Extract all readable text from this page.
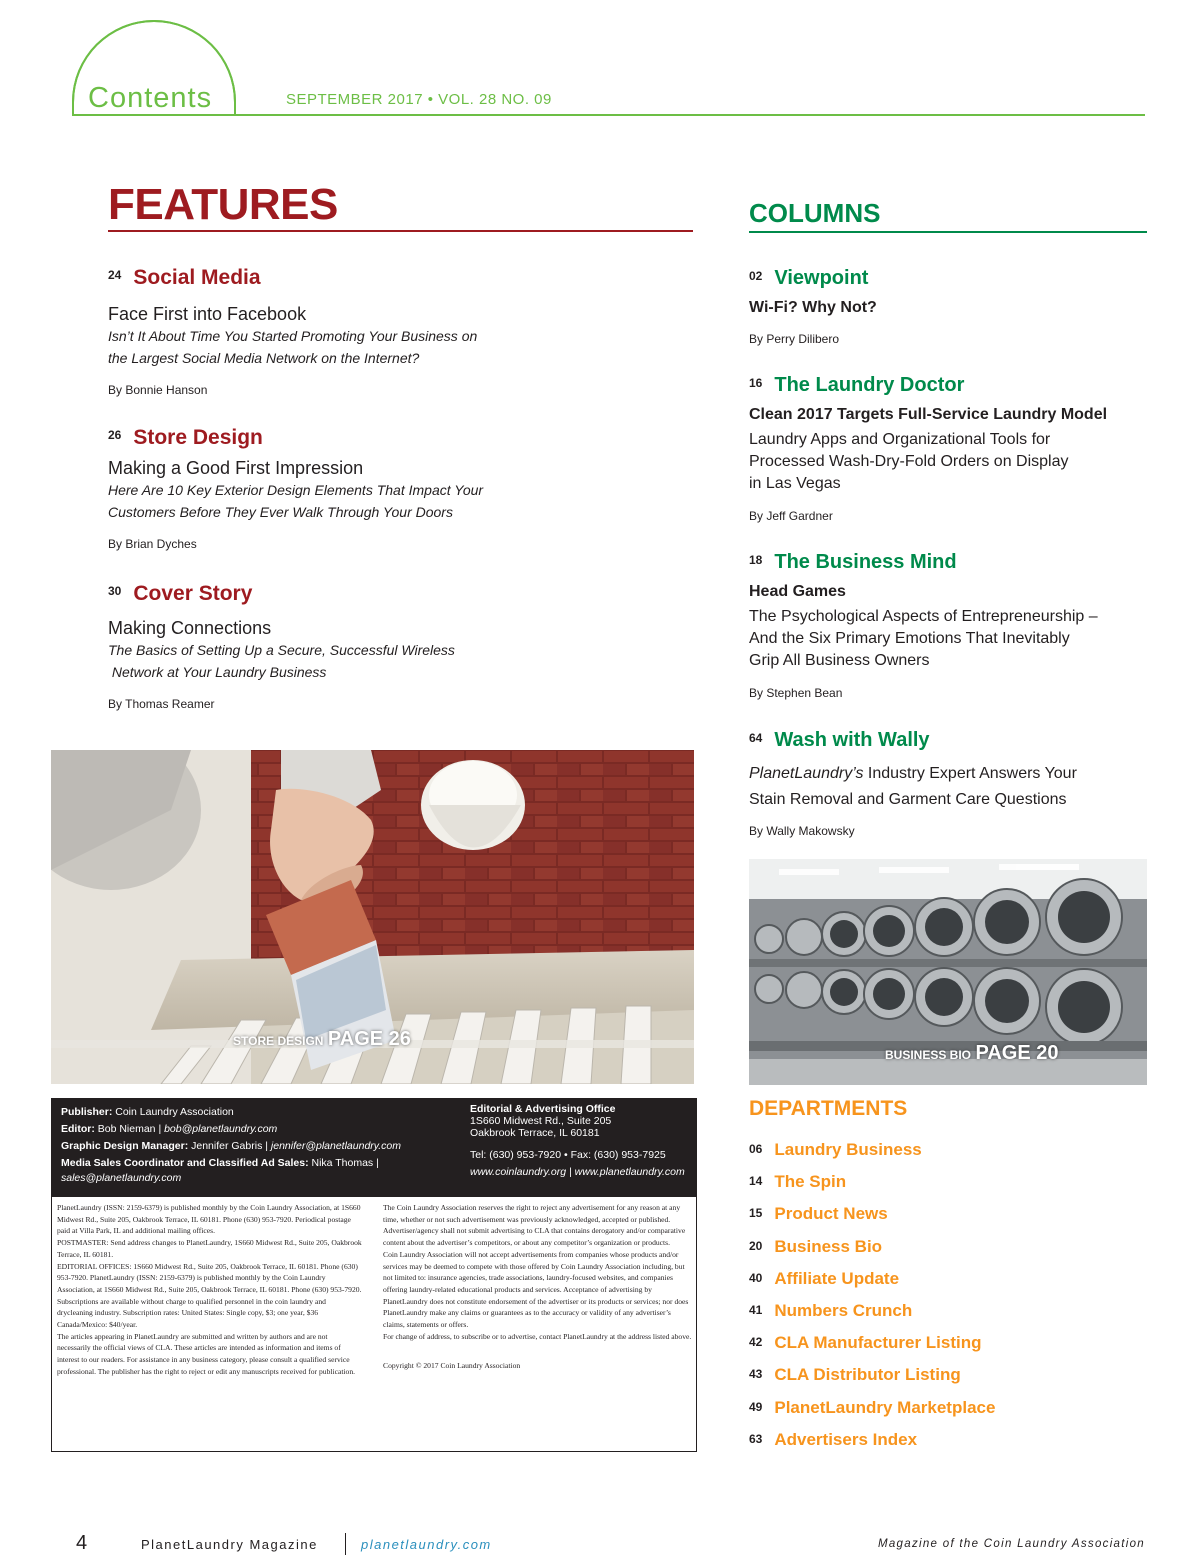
Contents	SEPTEMBER 2017 • VOL. 28 NO. 09
FEATURES
$^{24}$ Social Media
Face First into Facebook
Isn’t It About Time You Started Promoting Your Business on
the Largest Social Media Network on the Internet?
By Bonnie Hanson
$^{26}$ Store Design
Making a Good First Impression
Here Are 10 Key Exterior Design Elements That Impact Your
Customers Before They Ever Walk Through Your Doors
By Brian Dyches
$^{30}$ Cover Story
Making Connections
The Basics of Setting Up a Secure, Successful Wireless
Network at Your Laundry Business
By Thomas Reamer
STORE DESIGN PAGE 26
COLUMNS
$^{02}$ Viewpoint
Wi-Fi? Why Not?
By Perry Dilibero
$^{16}$ The Laundry Doctor
Clean 2017 Targets Full-Service Laundry Model
Laundry Apps and Organizational Tools for
Processed Wash-Dry-Fold Orders on Display
in Las Vegas
By Jeff Gardner
$^{18}$ The Business Mind
Head Games
The Psychological Aspects of Entrepreneurship –
And the Six Primary Emotions That Inevitably
Grip All Business Owners
By Stephen Bean
$^{64}$ Wash with Wally
PlanetLaundry’s Industry Expert Answers Your
Stain Removal and Garment Care Questions
By Wally Makowsky
BUSINESS BIO PAGE 20
Publisher: Coin Laundry Association
Editor: Bob Nieman | bob@planetlaundry.com
Graphic Design Manager: Jennifer Gabris | jennifer@planetlaundry.com
Media Sales Coordinator and Classified Ad Sales: Nika Thomas |
sales@planetlaundry.com
Editorial & Advertising Office
1S660 Midwest Rd., Suite 205
Oakbrook Terrace, IL 60181
Tel: (630) 953-7920 • Fax: (630) 953-7925
www.coinlaundry.org | www.planetlaundry.com

PlanetLaundry (ISSN: 2159-6379) is published monthly by the Coin Laundry Association, at 1S660 Midwest Rd., Suite 205, Oakbrook Terrace, IL 60181. Phone (630) 953-7920. Periodical postage paid at Villa Park, IL and additional mailing offices.

POSTMASTER: Send address changes to PlanetLaundry, 1S660 Midwest Rd., Suite 205, Oakbrook Terrace, IL 60181.

EDITORIAL OFFICES: 1S660 Midwest Rd., Suite 205, Oakbrook Terrace, IL 60181. Phone (630) 953-7920. PlanetLaundry (ISSN: 2159-6379) is published monthly by the Coin Laundry Association, at 1S660 Midwest Rd., Suite 205, Oakbrook Terrace, IL 60181. Phone (630) 953-7920.

Subscriptions are available without charge to qualified personnel in the coin laundry and drycleaning industry. Subscription rates: United States: Single copy, $3; one year, $36 Canada/Mexico: $40/year.

The articles appearing in PlanetLaundry are submitted and written by authors and are not necessarily the official views of CLA. These articles are intended as information and items of interest to our readers. For assistance in any business category, please consult a qualified service professional. The publisher has the right to reject or edit any manuscripts received for publication.

The Coin Laundry Association reserves the right to reject any advertisement for any reason at any time, whether or not such advertisement was previously acknowledged, accepted or published. Advertiser/agency shall not submit advertising to CLA that contains derogatory and/or comparative content about the advertiser’s competitors, or about any competitor’s organization or products.

Coin Laundry Association will not accept advertisements from companies whose products and/or services may be deemed to compete with those offered by Coin Laundry Association including, but not limited to: insurance agencies, trade associations, laundry-focused websites, and companies offering laundry-related educational products and services. Acceptance of advertising by PlanetLaundry does not constitute endorsement of the advertiser or its products or services; nor does PlanetLaundry make any claims or guarantees as to the accuracy or validity of any advertiser’s claims, statements or offers.

For change of address, to subscribe or to advertise, contact PlanetLaundry at the address listed above.

Copyright © 2017 Coin Laundry Association

DEPARTMENTS
$^{06}$ Laundry Business
$^{14}$ The Spin
$^{15}$ Product News
$^{20}$ Business Bio
$^{40}$ Affiliate Update
$^{41}$ Numbers Crunch
$^{42}$ CLA Manufacturer Listing
$^{43}$ CLA Distributor Listing
$^{49}$ PlanetLaundry Marketplace
$^{63}$ Advertisers Index
4	PlanetLaundry Magazine	planetlaundry.com	Magazine of the Coin Laundry Association
